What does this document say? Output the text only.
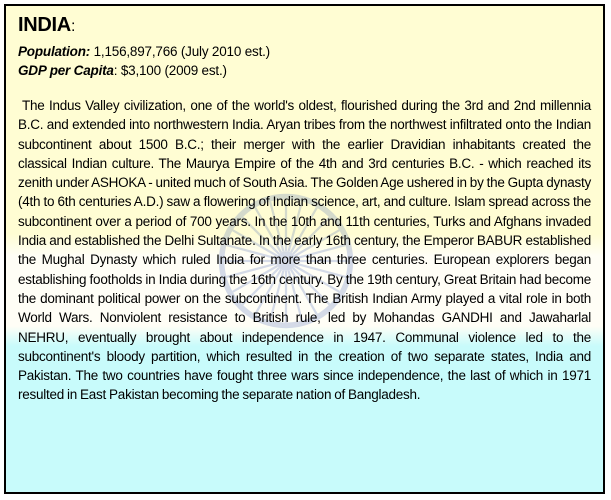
INDIA:

Population: 1,156,897,766 (July 2010 est.)

GDP per Capita: $3,100 (2009 est.)

The Indus Valley civilization, one of the world's oldest, flourished during the 3rd and 2nd millennia B.C. and extended into northwestern India. Aryan tribes from the northwest infiltrated onto the Indian subcontinent about 1500 B.C.; their merger with the earlier Dravidian inhabitants created the classical Indian culture. The Maurya Empire of the 4th and 3rd centuries B.C. - which reached its zenith under ASHOKA - united much of South Asia. The Golden Age ushered in by the Gupta dynasty (4th to 6th centuries A.D.) saw a flowering of Indian science, art, and culture. Islam spread across the subcontinent over a period of 700 years. In the 10th and 11th centuries, Turks and Afghans invaded India and established the Delhi Sultanate. In the early 16th century, the Emperor BABUR established the Mughal Dynasty which ruled India for more than three centuries. European explorers began establishing footholds in India during the 16th century. By the 19th century, Great Britain had become the dominant political power on the subcontinent. The British Indian Army played a vital role in both World Wars. Nonviolent resistance to British rule, led by Mohandas GANDHI and Jawaharlal NEHRU, eventually brought about independence in 1947. Communal violence led to the subcontinent's bloody partition, which resulted in the creation of two separate states, India and Pakistan. The two countries have fought three wars since independence, the last of which in 1971 resulted in East Pakistan becoming the separate nation of Bangladesh.
